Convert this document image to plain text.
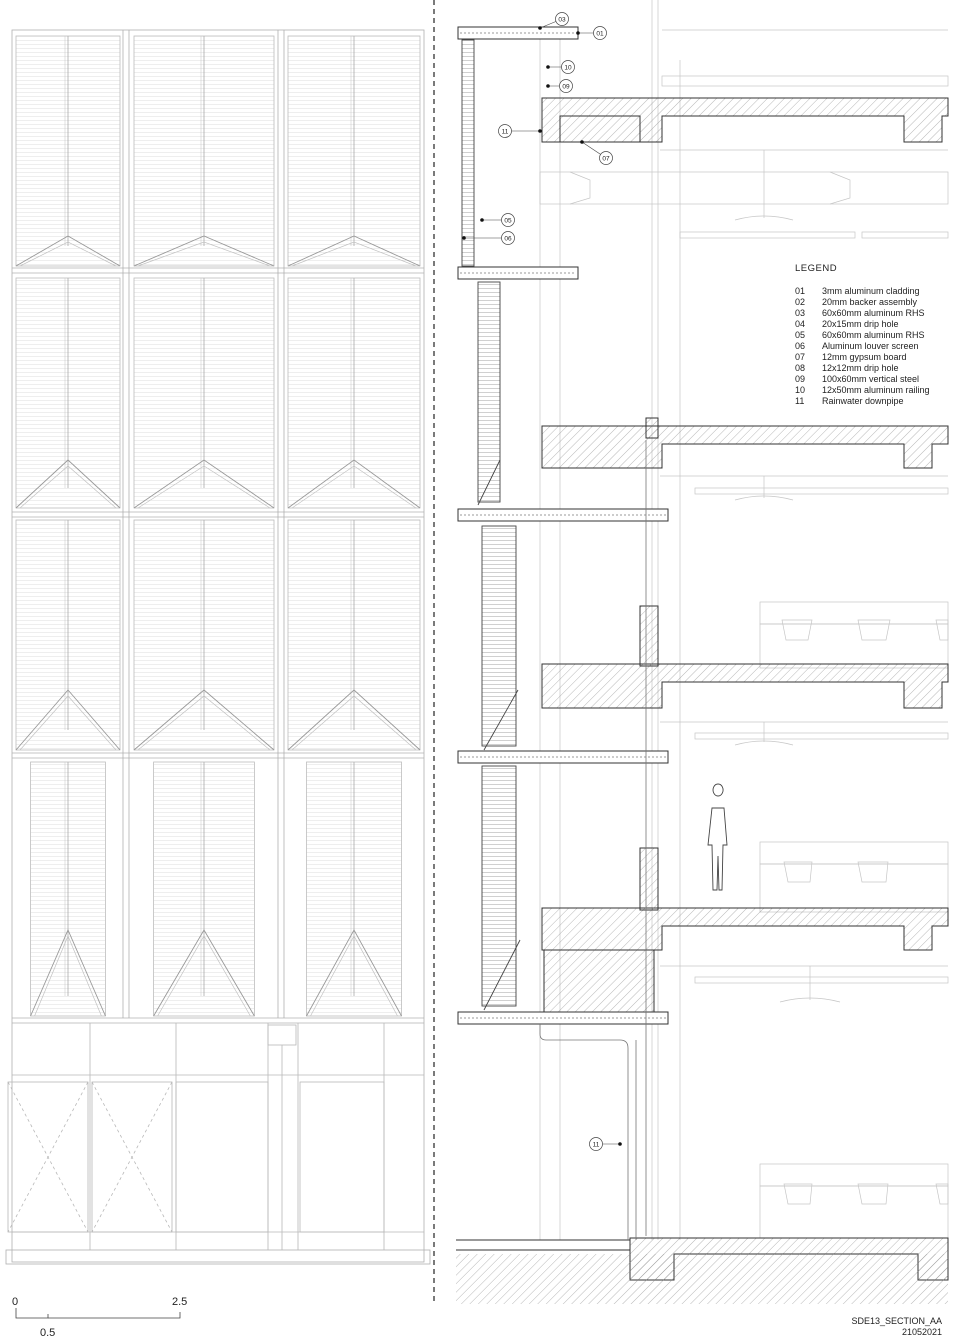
03
01
10
09
11
07
05
06
11
0
0.5
2.5
LEGEND
01	3mm aluminum cladding
02	20mm backer assembly
03	60x60mm aluminum RHS
04	20x15mm drip hole
05	60x60mm aluminum RHS
06	Aluminum louver screen
07	12mm gypsum board
08	12x12mm drip hole
09	100x60mm vertical steel
10	12x50mm aluminum railing
11	Rainwater downpipe
SDE13_SECTION_AA
21052021
